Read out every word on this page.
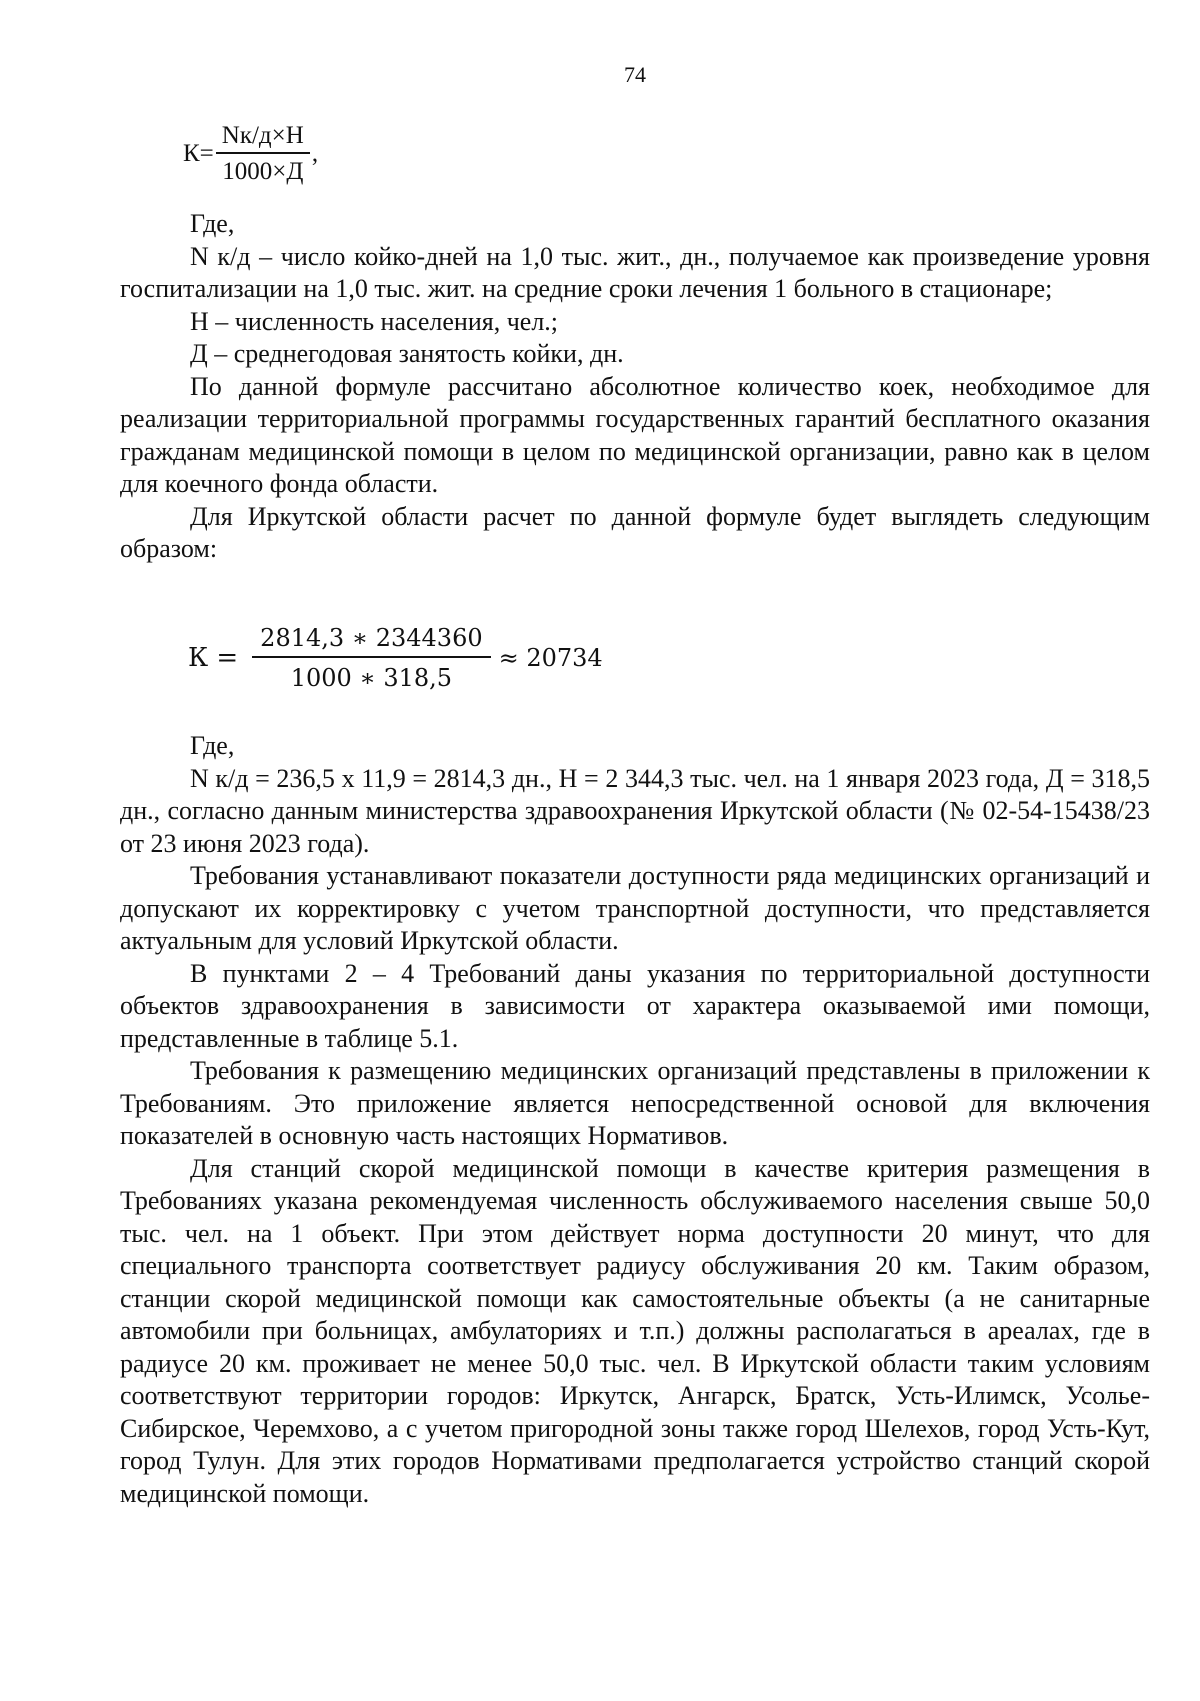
74
$К= \frac{Nк/д\times Н}{1000\times Д}$ ,

Где,

N к/д – число койко-дней на 1,0 тыс. жит., дн., получаемое как произведение уровня госпитализации на 1,0 тыс. жит. на средние сроки лечения 1 больного в стационаре;

Н – численность населения, чел.;

Д – среднегодовая занятость койки, дн.

По данной формуле рассчитано абсолютное количество коек, необходимое для реализации территориальной программы государственных гарантий бесплатного оказания гражданам медицинской помощи в целом по медицинской организации, равно как в целом для коечного фонда области.

Для Иркутской области расчет по данной формуле будет выглядеть следующим образом:

$К = \frac{2814,3 ∗ 2344360}{1000 ∗ 318,5} \approx 20734$

Где,

N к/д = 236,5 х 11,9 = 2814,3 дн., Н = 2 344,3 тыс. чел. на 1 января 2023 года, Д = 318,5 дн., согласно данным министерства здравоохранения Иркутской области (№ 02-54-15438/23 от 23 июня 2023 года).

Требования устанавливают показатели доступности ряда медицинских организаций и допускают их корректировку с учетом транспортной доступности, что представляется актуальным для условий Иркутской области.

В пунктами 2 – 4 Требований даны указания по территориальной доступности объектов здравоохранения в зависимости от характера оказываемой ими помощи, представленные в таблице 5.1.

Требования к размещению медицинских организаций представлены в приложении к Требованиям. Это приложение является непосредственной основой для включения показателей в основную часть настоящих Нормативов.

Для станций скорой медицинской помощи в качестве критерия размещения в Требованиях указана рекомендуемая численность обслуживаемого населения свыше 50,0 тыс. чел. на 1 объект. При этом действует норма доступности 20 минут, что для специального транспорта соответствует радиусу обслуживания 20 км. Таким образом, станции скорой медицинской помощи как самостоятельные объекты (а не санитарные автомобили при больницах, амбулаториях и т.п.) должны располагаться в ареалах, где в радиусе 20 км. проживает не менее 50,0 тыс. чел. В Иркутской области таким условиям соответствуют территории городов: Иркутск, Ангарск, Братск, Усть-Илимск, Усолье-Сибирское, Черемхово, а с учетом пригородной зоны также город Шелехов, город Усть-Кут, город Тулун. Для этих городов Нормативами предполагается устройство станций скорой медицинской помощи.
